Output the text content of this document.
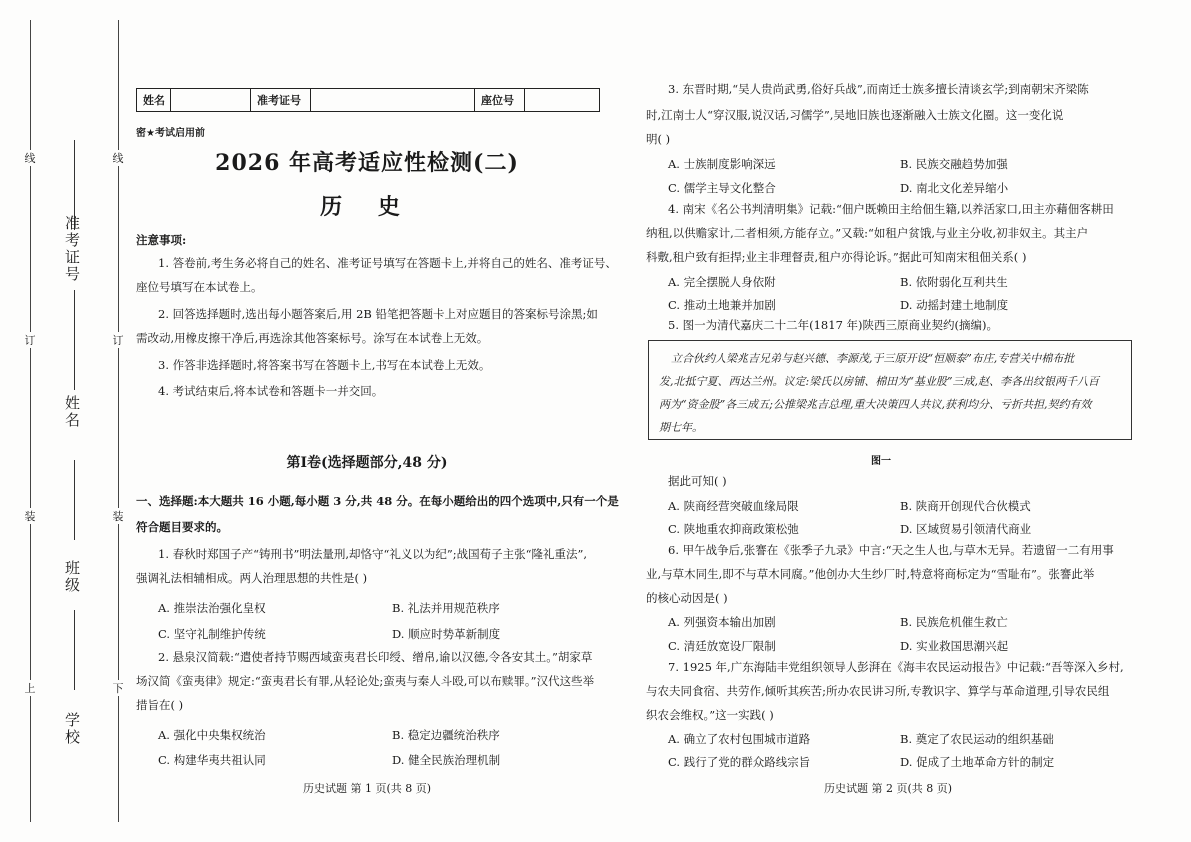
线
订
装
上
线
订
装
下
准考证号
姓名
班级
学校
姓名	准考证号	座位号
密★考试启用前
2026 年高考适应性检测(二)
历 史
注意事项:
1. 答卷前,考生务必将自己的姓名、准考证号填写在答题卡上,并将自己的姓名、准考证号、
座位号填写在本试卷上。
2. 回答选择题时,选出每小题答案后,用 2B 铅笔把答题卡上对应题目的答案标号涂黑;如
需改动,用橡皮擦干净后,再选涂其他答案标号。涂写在本试卷上无效。
3. 作答非选择题时,将答案书写在答题卡上,书写在本试卷上无效。
4. 考试结束后,将本试卷和答题卡一并交回。
第Ⅰ卷(选择题部分,48 分)
一、选择题:本大题共 16 小题,每小题 3 分,共 48 分。在每小题给出的四个选项中,只有一个是
符合题目要求的。
1. 春秋时郑国子产“铸刑书”明法量刑,却恪守“礼义以为纪”;战国荀子主张“隆礼重法”,
强调礼法相辅相成。两人治理思想的共性是( )
A. 推崇法治强化皇权	B. 礼法并用规范秩序
C. 坚守礼制维护传统	D. 顺应时势革新制度
2. 悬泉汉简载:“遣使者持节赐西域蛮夷君长印绶、缯帛,谕以汉德,令各安其土。”胡家草
场汉简《蛮夷律》规定:“蛮夷君长有罪,从轻论处;蛮夷与秦人斗殴,可以布赎罪。”汉代这些举
措旨在( )
A. 强化中央集权统治	B. 稳定边疆统治秩序
C. 构建华夷共祖认同	D. 健全民族治理机制
历史试题 第 1 页(共 8 页)
3. 东晋时期,“吴人贵尚武勇,俗好兵战”,而南迁士族多擅长清谈玄学;到南朝宋齐梁陈
时,江南士人“穿汉服,说汉话,习儒学”,吴地旧族也逐渐融入士族文化圈。这一变化说
明( )
A. 士族制度影响深远	B. 民族交融趋势加强
C. 儒学主导文化整合	D. 南北文化差异缩小
4. 南宋《名公书判清明集》记载:“佃户既赖田主给佃生籍,以养活家口,田主亦藉佃客耕田
纳租,以供赡家计,二者相须,方能存立。”又载:“如租户贫饿,与业主分收,初非奴主。其主户
科敷,租户致有拒捍;业主非理督责,租户亦得论诉。”据此可知南宋租佃关系( )
A. 完全摆脱人身依附	B. 依附弱化互利共生
C. 推动土地兼并加剧	D. 动摇封建土地制度
5. 图一为清代嘉庆二十二年(1817 年)陕西三原商业契约(摘编)。
立合伙约人梁兆吉兄弟与赵兴德、李源茂,于三原开设“恒顺泰”布庄,专营关中棉布批
发,北抵宁夏、西达兰州。议定:梁氏以房铺、棉田为“基业股”三成,赵、李各出纹银两千八百
两为“资金股”各三成五;公推梁兆吉总理,重大决策四人共议,获利均分、亏折共担,契约有效
期七年。
图一
据此可知( )
A. 陕商经营突破血缘局限	B. 陕商开创现代合伙模式
C. 陕地重农抑商政策松弛	D. 区域贸易引领清代商业
6. 甲午战争后,张謇在《张季子九录》中言:“天之生人也,与草木无异。若遗留一二有用事
业,与草木同生,即不与草木同腐。”他创办大生纱厂时,特意将商标定为“雪耻布”。张謇此举
的核心动因是( )
A. 列强资本输出加剧	B. 民族危机催生救亡
C. 清廷放宽设厂限制	D. 实业救国思潮兴起
7. 1925 年,广东海陆丰党组织领导人彭湃在《海丰农民运动报告》中记载:“吾等深入乡村,
与农夫同食宿、共劳作,倾听其疾苦;所办农民讲习所,专教识字、算学与革命道理,引导农民组
织农会维权。”这一实践( )
A. 确立了农村包围城市道路	B. 奠定了农民运动的组织基础
C. 践行了党的群众路线宗旨	D. 促成了土地革命方针的制定
历史试题 第 2 页(共 8 页)
